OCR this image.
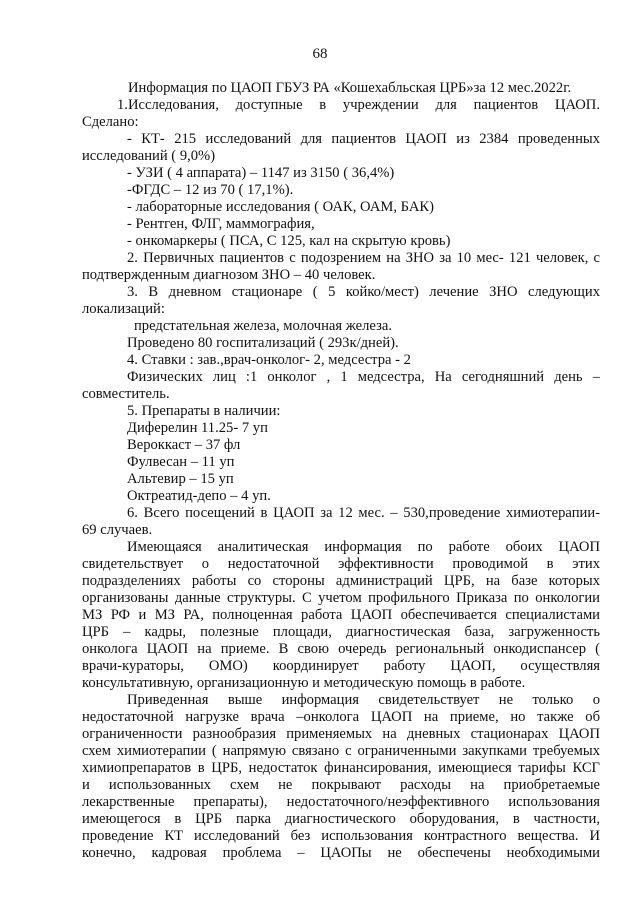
68
Информация по ЦАОП ГБУЗ РА «Кошехабльская ЦРБ»за 12 мес.2022г.
1.Исследования, доступные в учреждении для пациентов ЦАОП.
Сделано:
- КТ- 215 исследований для пациентов ЦАОП из 2384 проведенных
исследований ( 9,0%)
- УЗИ ( 4 аппарата) – 1147 из 3150 ( 36,4%)
-ФГДС – 12 из 70 ( 17,1%).
- лабораторные исследования ( ОАК, ОАМ, БАК)
- Рентген, ФЛГ, маммография,
- онкомаркеры ( ПСА, С 125, кал на скрытую кровь)
2. Первичных пациентов с подозрением на ЗНО за 10 мес- 121 человек, с
подтвержденным диагнозом ЗНО – 40 человек.
3. В дневном стационаре ( 5 койко/мест) лечение ЗНО следующих
локализаций:
предстательная железа, молочная железа.
Проведено 80 госпитализаций ( 293к/дней).
4. Ставки : зав.,врач-онколог- 2, медсестра - 2
Физических лиц :1 онколог , 1 медсестра, На сегодняшний день –
совместитель.
5. Препараты в наличии:
Диферелин 11.25- 7 уп
Вероккаст – 37 фл
Фулвесан – 11 уп
Альтевир – 15 уп
Октреатид-депо – 4 уп.
6. Всего посещений в ЦАОП за 12 мес. – 530,проведение химиотерапии-
69 случаев.
Имеющаяся аналитическая информация по работе обоих ЦАОП
свидетельствует о недостаточной эффективности проводимой в этих
подразделениях работы со стороны администраций ЦРБ, на базе которых
организованы данные структуры. С учетом профильного Приказа по онкологии
МЗ РФ и МЗ РА, полноценная работа ЦАОП обеспечивается специалистами
ЦРБ – кадры, полезные площади, диагностическая база, загруженность
онколога ЦАОП на приеме. В свою очередь региональный онкодиспансер (
врачи-кураторы, ОМО) координирует работу ЦАОП, осуществляя
консультативную, организационную и методическую помощь в работе.
Приведенная выше информация свидетельствует не только о
недостаточной нагрузке врача –онколога ЦАОП на приеме, но также об
ограниченности разнообразия применяемых на дневных стационарах ЦАОП
схем химиотерапии ( напрямую связано с ограниченными закупками требуемых
химиопрепаратов в ЦРБ, недостаток финансирования, имеющиеся тарифы КСГ
и использованных схем не покрывают расходы на приобретаемые
лекарственные препараты), недостаточного/неэффективного использования
имеющегося в ЦРБ парка диагностического оборудования, в частности,
проведение КТ исследований без использования контрастного вещества. И
конечно, кадровая проблема – ЦАОПы не обеспечены необходимыми
